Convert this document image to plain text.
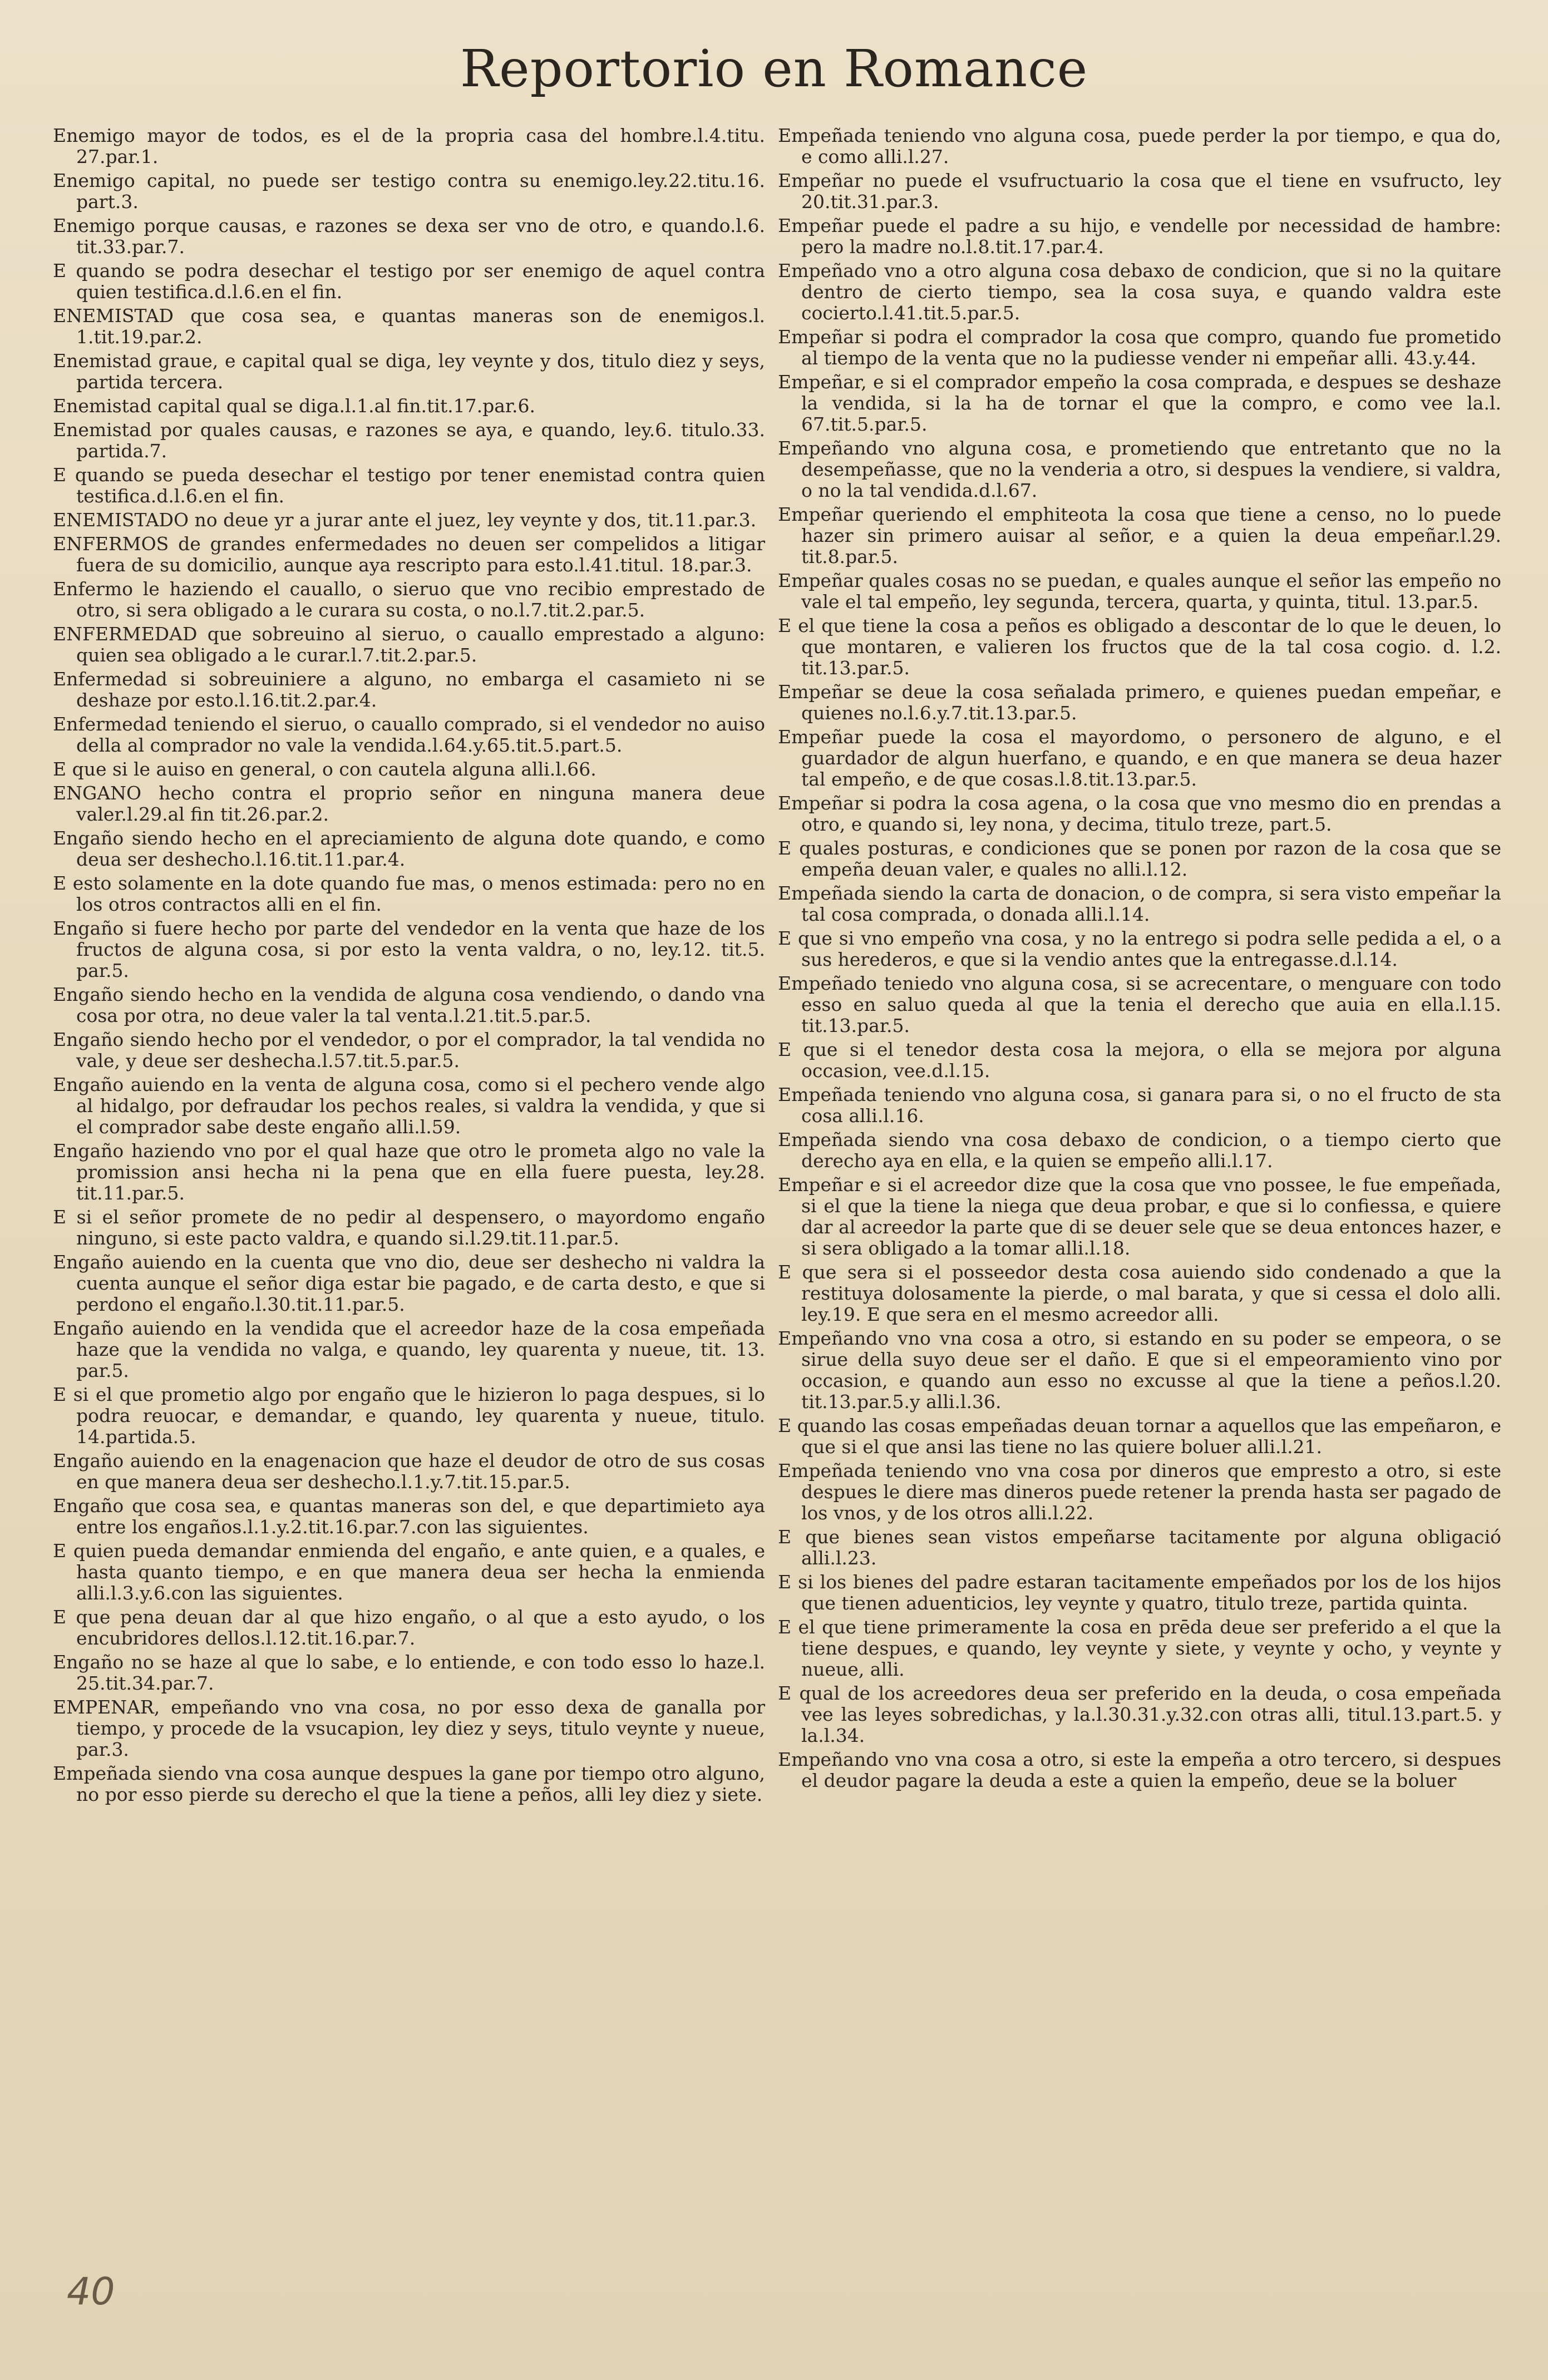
Reportorio en Romance

Enemigo mayor de todos, es el de la propria casa del hombre.l.4.titu. 27.par.1.

Enemigo capital, no puede ser testigo contra su enemigo.ley.22.titu.16. part.3.

Enemigo porque causas, e razones se dexa ser vno de otro, e quando.l.6. tit.33.par.7.

E quando se podra desechar el testigo por ser enemigo de aquel contra quien testifica.d.l.6.en el fin.

ENEMISTAD que cosa sea, e quantas maneras son de enemigos.l. 1.tit.19.par.2.

Enemistad graue, e capital qual se diga, ley veynte y dos, titulo diez y seys, partida tercera.

Enemistad capital qual se diga.l.1.al fin.tit.17.par.6.

Enemistad por quales causas, e razones se aya, e quando, ley.6. titulo.33. partida.7.

E quando se pueda desechar el testigo por tener enemistad contra quien testifica.d.l.6.en el fin.

ENEMISTADO no deue yr a jurar ante el juez, ley veynte y dos, tit.11.par.3.

ENFERMOS de grandes enfermedades no deuen ser compelidos a litigar fuera de su domicilio, aunque aya rescripto para esto.l.41.titul. 18.par.3.

Enfermo le haziendo el cauallo, o sieruo que vno recibio emprestado de otro, si sera obligado a le curara su costa, o no.l.7.tit.2.par.5.

ENFERMEDAD que sobreuino al sieruo, o cauallo emprestado a alguno: quien sea obligado a le curar.l.7.tit.2.par.5.

Enfermedad si sobreuiniere a alguno, no embarga el casamieto ni se deshaze por esto.l.16.tit.2.par.4.

Enfermedad teniendo el sieruo, o cauallo comprado, si el vendedor no auiso della al comprador no vale la vendida.l.64.y.65.tit.5.part.5.

E que si le auiso en general, o con cautela alguna alli.l.66.

ENGANO hecho contra el proprio señor en ninguna manera deue valer.l.29.al fin tit.26.par.2.

Engaño siendo hecho en el apreciamiento de alguna dote quando, e como deua ser deshecho.l.16.tit.11.par.4.

E esto solamente en la dote quando fue mas, o menos estimada: pero no en los otros contractos alli en el fin.

Engaño si fuere hecho por parte del vendedor en la venta que haze de los fructos de alguna cosa, si por esto la venta valdra, o no, ley.12. tit.5. par.5.

Engaño siendo hecho en la vendida de alguna cosa vendiendo, o dando vna cosa por otra, no deue valer la tal venta.l.21.tit.5.par.5.

Engaño siendo hecho por el vendedor, o por el comprador, la tal vendida no vale, y deue ser deshecha.l.57.tit.5.par.5.

Engaño auiendo en la venta de alguna cosa, como si el pechero vende algo al hidalgo, por defraudar los pechos reales, si valdra la vendida, y que si el comprador sabe deste engaño alli.l.59.

Engaño haziendo vno por el qual haze que otro le prometa algo no vale la promission ansi hecha ni la pena que en ella fuere puesta, ley.28. tit.11.par.5.

E si el señor promete de no pedir al despensero, o mayordomo engaño ninguno, si este pacto valdra, e quando si.l.29.tit.11.par.5.

Engaño auiendo en la cuenta que vno dio, deue ser deshecho ni valdra la cuenta aunque el señor diga estar bie pagado, e de carta desto, e que si perdono el engaño.l.30.tit.11.par.5.

Engaño auiendo en la vendida que el acreedor haze de la cosa empeñada haze que la vendida no valga, e quando, ley quarenta y nueue, tit. 13. par.5.

E si el que prometio algo por engaño que le hizieron lo paga despues, si lo podra reuocar, e demandar, e quando, ley quarenta y nueue, titulo. 14.partida.5.

Engaño auiendo en la enagenacion que haze el deudor de otro de sus cosas en que manera deua ser deshecho.l.1.y.7.tit.15.par.5.

Engaño que cosa sea, e quantas maneras son del, e que departimieto aya entre los engaños.l.1.y.2.tit.16.par.7.con las siguientes.

E quien pueda demandar enmienda del engaño, e ante quien, e a quales, e hasta quanto tiempo, e en que manera deua ser hecha la enmienda alli.l.3.y.6.con las siguientes.

E que pena deuan dar al que hizo engaño, o al que a esto ayudo, o los encubridores dellos.l.12.tit.16.par.7.

Engaño no se haze al que lo sabe, e lo entiende, e con todo esso lo haze.l. 25.tit.34.par.7.

EMPENAR, empeñando vno vna cosa, no por esso dexa de ganalla por tiempo, y procede de la vsucapion, ley diez y seys, titulo veynte y nueue, par.3.

Empeñada siendo vna cosa aunque despues la gane por tiempo otro alguno, no por esso pierde su derecho el que la tiene a peños, alli ley diez y siete.

Empeñada teniendo vno alguna cosa, puede perder la por tiempo, e qua do, e como alli.l.27.

Empeñar no puede el vsufructuario la cosa que el tiene en vsufructo, ley 20.tit.31.par.3.

Empeñar puede el padre a su hijo, e vendelle por necessidad de hambre: pero la madre no.l.8.tit.17.par.4.

Empeñado vno a otro alguna cosa debaxo de condicion, que si no la quitare dentro de cierto tiempo, sea la cosa suya, e quando valdra este cocierto.l.41.tit.5.par.5.

Empeñar si podra el comprador la cosa que compro, quando fue prometido al tiempo de la venta que no la pudiesse vender ni empeñar alli. 43.y.44.

Empeñar, e si el comprador empeño la cosa comprada, e despues se deshaze la vendida, si la ha de tornar el que la compro, e como vee la.l. 67.tit.5.par.5.

Empeñando vno alguna cosa, e prometiendo que entretanto que no la desempeñasse, que no la venderia a otro, si despues la vendiere, si valdra, o no la tal vendida.d.l.67.

Empeñar queriendo el emphiteota la cosa que tiene a censo, no lo puede hazer sin primero auisar al señor, e a quien la deua empeñar.l.29. tit.8.par.5.

Empeñar quales cosas no se puedan, e quales aunque el señor las empeño no vale el tal empeño, ley segunda, tercera, quarta, y quinta, titul. 13.par.5.

E el que tiene la cosa a peños es obligado a descontar de lo que le deuen, lo que montaren, e valieren los fructos que de la tal cosa cogio. d. l.2. tit.13.par.5.

Empeñar se deue la cosa señalada primero, e quienes puedan empeñar, e quienes no.l.6.y.7.tit.13.par.5.

Empeñar puede la cosa el mayordomo, o personero de alguno, e el guardador de algun huerfano, e quando, e en que manera se deua hazer tal empeño, e de que cosas.l.8.tit.13.par.5.

Empeñar si podra la cosa agena, o la cosa que vno mesmo dio en prendas a otro, e quando si, ley nona, y decima, titulo treze, part.5.

E quales posturas, e condiciones que se ponen por razon de la cosa que se empeña deuan valer, e quales no alli.l.12.

Empeñada siendo la carta de donacion, o de compra, si sera visto empeñar la tal cosa comprada, o donada alli.l.14.

E que si vno empeño vna cosa, y no la entrego si podra selle pedida a el, o a sus herederos, e que si la vendio antes que la entregasse.d.l.14.

Empeñado teniedo vno alguna cosa, si se acrecentare, o menguare con todo esso en saluo queda al que la tenia el derecho que auia en ella.l.15. tit.13.par.5.

E que si el tenedor desta cosa la mejora, o ella se mejora por alguna occasion, vee.d.l.15.

Empeñada teniendo vno alguna cosa, si ganara para si, o no el fructo de sta cosa alli.l.16.

Empeñada siendo vna cosa debaxo de condicion, o a tiempo cierto que derecho aya en ella, e la quien se empeño alli.l.17.

Empeñar e si el acreedor dize que la cosa que vno possee, le fue empeñada, si el que la tiene la niega que deua probar, e que si lo confiessa, e quiere dar al acreedor la parte que di se deuer sele que se deua entonces hazer, e si sera obligado a la tomar alli.l.18.

E que sera si el posseedor desta cosa auiendo sido condenado a que la restituya dolosamente la pierde, o mal barata, y que si cessa el dolo alli. ley.19. E que sera en el mesmo acreedor alli.

Empeñando vno vna cosa a otro, si estando en su poder se empeora, o se sirue della suyo deue ser el daño. E que si el empeoramiento vino por occasion, e quando aun esso no excusse al que la tiene a peños.l.20. tit.13.par.5.y alli.l.36.

E quando las cosas empeñadas deuan tornar a aquellos que las empeñaron, e que si el que ansi las tiene no las quiere boluer alli.l.21.

Empeñada teniendo vno vna cosa por dineros que empresto a otro, si este despues le diere mas dineros puede retener la prenda hasta ser pagado de los vnos, y de los otros alli.l.22.

E que bienes sean vistos empeñarse tacitamente por alguna obligació alli.l.23.

E si los bienes del padre estaran tacitamente empeñados por los de los hijos que tienen aduenticios, ley veynte y quatro, titulo treze, partida quinta.

E el que tiene primeramente la cosa en prēda deue ser preferido a el que la tiene despues, e quando, ley veynte y siete, y veynte y ocho, y veynte y nueue, alli.

E qual de los acreedores deua ser preferido en la deuda, o cosa empeñada vee las leyes sobredichas, y la.l.30.31.y.32.con otras alli, titul.13.part.5. y la.l.34.

Empeñando vno vna cosa a otro, si este la empeña a otro tercero, si despues el deudor pagare la deuda a este a quien la empeño, deue se la boluer

40
